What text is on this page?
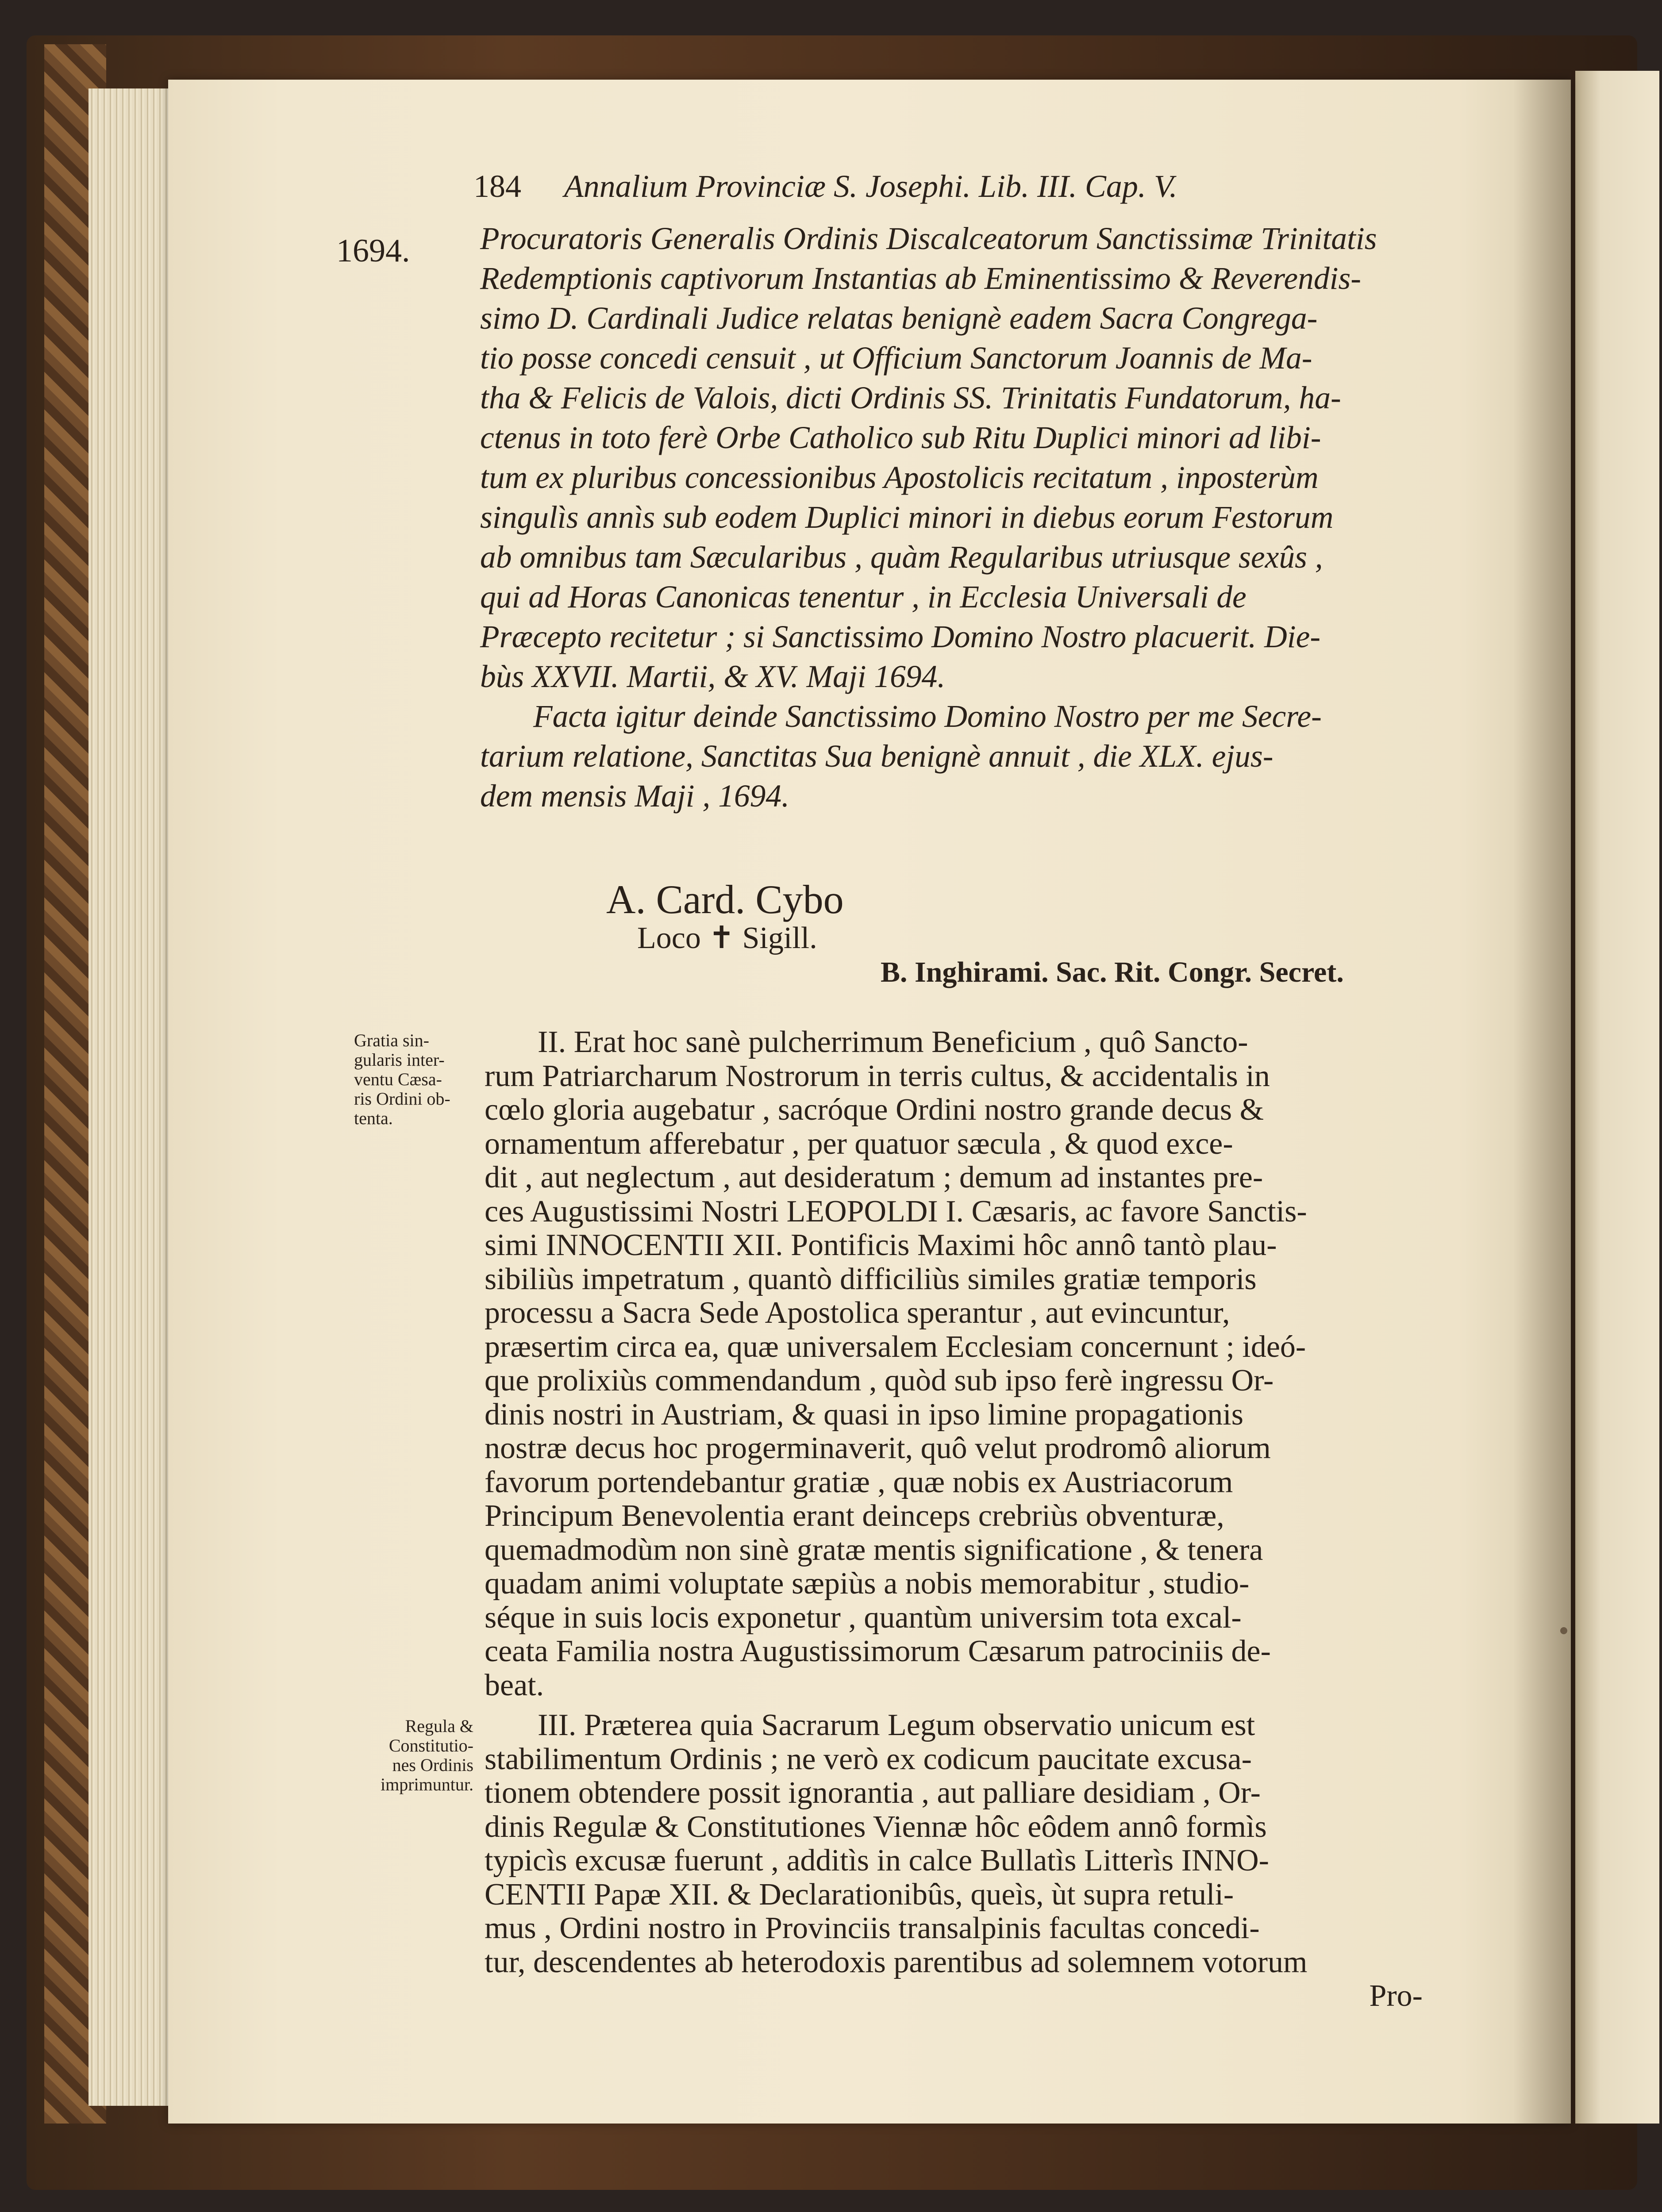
184 Annalium Provinciæ S. Josephi. Lib. III. Cap. V.
1694. Procuratoris Generalis Ordinis Discalceatorum Sanctissimæ Trinitatis
Redemptionis captivorum Instantias ab Eminentissimo & Reverendis-
simo D. Cardinali Judice relatas benignè eadem Sacra Congrega-
tio posse concedi censuit , ut Officium Sanctorum Joannis de Ma-
tha & Felicis de Valois, dicti Ordinis SS. Trinitatis Fundatorum, ha-
ctenus in toto ferè Orbe Catholico sub Ritu Duplici minori ad libi-
tum ex pluribus concessionibus Apostolicis recitatum , inposterùm
singulìs annìs sub eodem Duplici minori in diebus eorum Festorum
ab omnibus tam Sæcularibus , quàm Regularibus utriusque sexûs ,
qui ad Horas Canonicas tenentur , in Ecclesia Universali de
Præcepto recitetur ; si Sanctissimo Domino Nostro placuerit. Die-
bùs XXVII. Martii, & XV. Maji 1694.
Facta igitur deinde Sanctissimo Domino Nostro per me Secre-
tarium relatione, Sanctitas Sua benignè annuit , die XLX. ejus-
dem mensis Maji , 1694.
A. Card. Cybo
Loco ✝ Sigill.
B. Inghirami. Sac. Rit. Congr. Secret.
Gratia sin-
gularis inter-
ventu Cæsa-
ris Ordini ob-
tenta.
Regula &
Constitutio-
nes Ordinis
imprimuntur.
II. Erat hoc sanè pulcherrimum Beneficium , quô Sancto-
rum Patriarcharum Nostrorum in terris cultus, & accidentalis in
cœlo gloria augebatur , sacróque Ordini nostro grande decus &
ornamentum afferebatur , per quatuor sæcula , & quod exce-
dit , aut neglectum , aut desideratum ; demum ad instantes pre-
ces Augustissimi Nostri LEOPOLDI I. Cæsaris, ac favore Sanctis-
simi INNOCENTII XII. Pontificis Maximi hôc annô tantò plau-
sibiliùs impetratum , quantò difficiliùs similes gratiæ temporis
processu a Sacra Sede Apostolica sperantur , aut evincuntur,
præsertim circa ea, quæ universalem Ecclesiam concernunt ; ideó-
que prolixiùs commendandum , quòd sub ipso ferè ingressu Or-
dinis nostri in Austriam, & quasi in ipso limine propagationis
nostræ decus hoc progerminaverit, quô velut prodromô aliorum
favorum portendebantur gratiæ , quæ nobis ex Austriacorum
Principum Benevolentia erant deinceps crebriùs obventuræ,
quemadmodùm non sinè gratæ mentis significatione , & tenera
quadam animi voluptate sæpiùs a nobis memorabitur , studio-
séque in suis locis exponetur , quantùm universim tota excal-
ceata Familia nostra Augustissimorum Cæsarum patrociniis de-
beat.
III. Præterea quia Sacrarum Legum observatio unicum est
stabilimentum Ordinis ; ne verò ex codicum paucitate excusa-
tionem obtendere possit ignorantia , aut palliare desidiam , Or-
dinis Regulæ & Constitutiones Viennæ hôc eôdem annô formìs
typicìs excusæ fuerunt , additìs in calce Bullatìs Litterìs INNO-
CENTII Papæ XII. & Declarationibûs, queìs, ùt supra retuli-
mus , Ordini nostro in Provinciis transalpinis facultas concedi-
tur, descendentes ab heterodoxis parentibus ad solemnem votorum
Pro-
